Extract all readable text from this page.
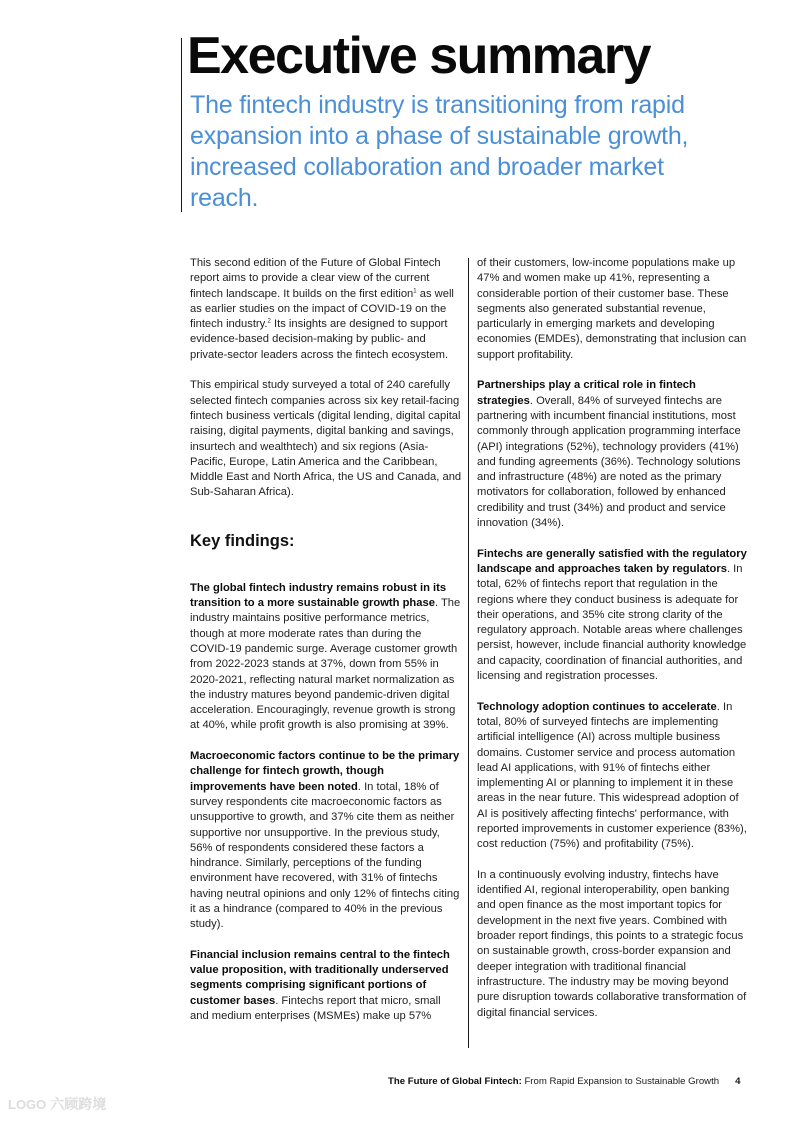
Executive summary
The fintech industry is transitioning from rapid expansion into a phase of sustainable growth, increased collaboration and broader market reach.

This second edition of the Future of Global Fintech report aims to provide a clear view of the current fintech landscape. It builds on the first edition$^1$ as well as earlier studies on the impact of COVID-19 on the fintech industry.$^2$ Its insights are designed to support evidence-based decision-making by public- and private-sector leaders across the fintech ecosystem.

This empirical study surveyed a total of 240 carefully selected fintech companies across six key retail-facing fintech business verticals (digital lending, digital capital raising, digital payments, digital banking and savings, insurtech and wealthtech) and six regions (Asia-Pacific, Europe, Latin America and the Caribbean, Middle East and North Africa, the US and Canada, and Sub-Saharan Africa).

Key findings:

The global fintech industry remains robust in its transition to a more sustainable growth phase. The industry maintains positive performance metrics, though at more moderate rates than during the COVID-19 pandemic surge. Average customer growth from 2022-2023 stands at 37%, down from 55% in 2020-2021, reflecting natural market normalization as the industry matures beyond pandemic-driven digital acceleration. Encouragingly, revenue growth is strong at 40%, while profit growth is also promising at 39%.

Macroeconomic factors continue to be the primary challenge for fintech growth, though improvements have been noted. In total, 18% of survey respondents cite macroeconomic factors as unsupportive to growth, and 37% cite them as neither supportive nor unsupportive. In the previous study, 56% of respondents considered these factors a hindrance. Similarly, perceptions of the funding environment have recovered, with 31% of fintechs having neutral opinions and only 12% of fintechs citing it as a hindrance (compared to 40% in the previous study).

Financial inclusion remains central to the fintech value proposition, with traditionally underserved segments comprising significant portions of customer bases. Fintechs report that micro, small and medium enterprises (MSMEs) make up 57%

of their customers, low-income populations make up 47% and women make up 41%, representing a considerable portion of their customer base. These segments also generated substantial revenue, particularly in emerging markets and developing economies (EMDEs), demonstrating that inclusion can support profitability.

Partnerships play a critical role in fintech strategies. Overall, 84% of surveyed fintechs are partnering with incumbent financial institutions, most commonly through application programming interface (API) integrations (52%), technology providers (41%) and funding agreements (36%). Technology solutions and infrastructure (48%) are noted as the primary motivators for collaboration, followed by enhanced credibility and trust (34%) and product and service innovation (34%).

Fintechs are generally satisfied with the regulatory landscape and approaches taken by regulators. In total, 62% of fintechs report that regulation in the regions where they conduct business is adequate for their operations, and 35% cite strong clarity of the regulatory approach. Notable areas where challenges persist, however, include financial authority knowledge and capacity, coordination of financial authorities, and licensing and registration processes.

Technology adoption continues to accelerate. In total, 80% of surveyed fintechs are implementing artificial intelligence (AI) across multiple business domains. Customer service and process automation lead AI applications, with 91% of fintechs either implementing AI or planning to implement it in these areas in the near future. This widespread adoption of AI is positively affecting fintechs' performance, with reported improvements in customer experience (83%), cost reduction (75%) and profitability (75%).

In a continuously evolving industry, fintechs have identified AI, regional interoperability, open banking and open finance as the most important topics for development in the next five years. Combined with broader report findings, this points to a strategic focus on sustainable growth, cross-border expansion and deeper integration with traditional financial infrastructure. The industry may be moving beyond pure disruption towards collaborative transformation of digital financial services.

The Future of Global Fintech: From Rapid Expansion to Sustainable Growth 4
LOGO 六顾跨境
